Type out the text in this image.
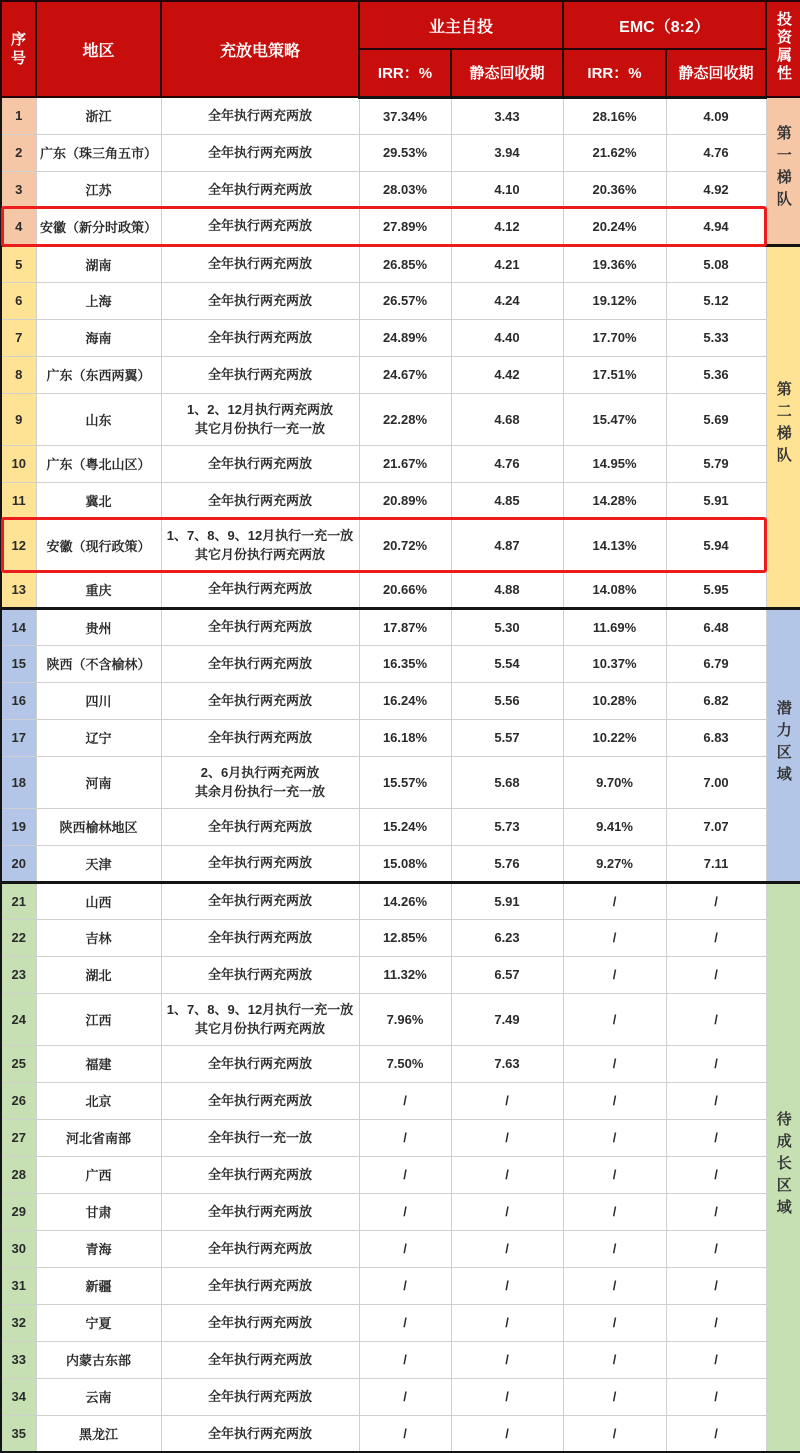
序号	地区	充放电策略	业主自投		EMC（8:2）		投资属性
			IRR：%	静态回收期	IRR：%	静态回收期	
1	浙江	全年执行两充两放	37.34%	3.43	28.16%	4.09	第一梯队
2	广东（珠三角五市）	全年执行两充两放	29.53%	3.94	21.62%	4.76	
3	江苏	全年执行两充两放	28.03%	4.10	20.36%	4.92	
4	安徽（新分时政策）	全年执行两充两放	27.89%	4.12	20.24%	4.94	
5	湖南	全年执行两充两放	26.85%	4.21	19.36%	5.08	第二梯队
6	上海	全年执行两充两放	26.57%	4.24	19.12%	5.12	
7	海南	全年执行两充两放	24.89%	4.40	17.70%	5.33	
8	广东（东西两翼）	全年执行两充两放	24.67%	4.42	17.51%	5.36	
9	山东	1、2、12月执行两充两放
其它月份执行一充一放	22.28%	4.68	15.47%	5.69	
10	广东（粤北山区）	全年执行两充两放	21.67%	4.76	14.95%	5.79	
11	冀北	全年执行两充两放	20.89%	4.85	14.28%	5.91	
12	安徽（现行政策）	1、7、8、9、12月执行一充一放
其它月份执行两充两放	20.72%	4.87	14.13%	5.94	
13	重庆	全年执行两充两放	20.66%	4.88	14.08%	5.95	
14	贵州	全年执行两充两放	17.87%	5.30	11.69%	6.48	潜力区域
15	陕西（不含榆林）	全年执行两充两放	16.35%	5.54	10.37%	6.79	
16	四川	全年执行两充两放	16.24%	5.56	10.28%	6.82	
17	辽宁	全年执行两充两放	16.18%	5.57	10.22%	6.83	
18	河南	2、6月执行两充两放
其余月份执行一充一放	15.57%	5.68	9.70%	7.00	
19	陕西榆林地区	全年执行两充两放	15.24%	5.73	9.41%	7.07	
20	天津	全年执行两充两放	15.08%	5.76	9.27%	7.11	
21	山西	全年执行两充两放	14.26%	5.91	/	/	待成长区域
22	吉林	全年执行两充两放	12.85%	6.23	/	/	
23	湖北	全年执行两充两放	11.32%	6.57	/	/	
24	江西	1、7、8、9、12月执行一充一放
其它月份执行两充两放	7.96%	7.49	/	/	
25	福建	全年执行两充两放	7.50%	7.63	/	/	
26	北京	全年执行两充两放	/	/	/	/	
27	河北省南部	全年执行一充一放	/	/	/	/	
28	广西	全年执行两充两放	/	/	/	/	
29	甘肃	全年执行两充两放	/	/	/	/	
30	青海	全年执行两充两放	/	/	/	/	
31	新疆	全年执行两充两放	/	/	/	/	
32	宁夏	全年执行两充两放	/	/	/	/	
33	内蒙古东部	全年执行两充两放	/	/	/	/	
34	云南	全年执行两充两放	/	/	/	/	
35	黑龙江	全年执行两充两放	/	/	/	/	
